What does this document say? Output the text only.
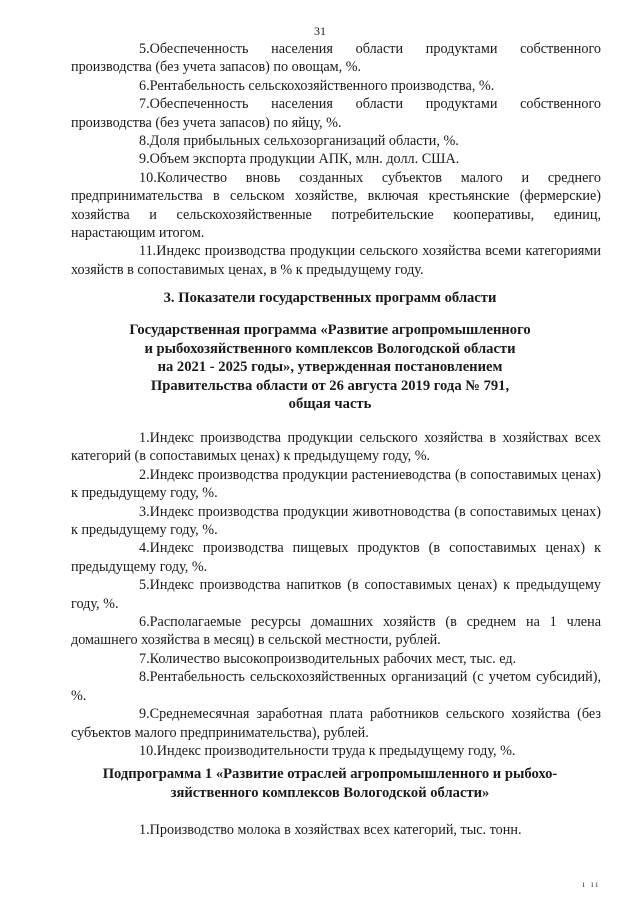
31

5.Обеспеченность населения области продуктами собственного производства (без учета запасов) по овощам, %.

6.Рентабельность сельскохозяйственного производства, %.

7.Обеспеченность населения области продуктами собственного производства (без учета запасов) по яйцу, %.

8.Доля прибыльных сельхозорганизаций области, %.

9.Объем экспорта продукции АПК, млн. долл. США.

10.Количество вновь созданных субъектов малого и среднего предпринимательства в сельском хозяйстве, включая крестьянские (фермерские) хозяйства и сельскохозяйственные потребительские кооперативы, единиц, нарастающим итогом.

11.Индекс производства продукции сельского хозяйства всеми категориями хозяйств в сопоставимых ценах, в % к предыдущему году.

3. Показатели государственных программ области

Государственная программа «Развитие агропромышленного
и рыбохозяйственного комплексов Вологодской области
на 2021 - 2025 годы», утвержденная постановлением
Правительства области от 26 августа 2019 года № 791,
общая часть

1.Индекс производства продукции сельского хозяйства в хозяйствах всех категорий (в сопоставимых ценах) к предыдущему году, %.

2.Индекс производства продукции растениеводства (в сопоставимых ценах) к предыдущему году, %.

3.Индекс производства продукции животноводства (в сопоставимых ценах) к предыдущему году, %.

4.Индекс производства пищевых продуктов (в сопоставимых ценах) к предыдущему году, %.

5.Индекс производства напитков (в сопоставимых ценах) к предыдущему году, %.

6.Располагаемые ресурсы домашних хозяйств (в среднем на 1 члена домашнего хозяйства в месяц) в сельской местности, рублей.

7.Количество высокопроизводительных рабочих мест, тыс. ед.

8.Рентабельность сельскохозяйственных организаций (с учетом субсидий), %.

9.Среднемесячная заработная плата работников сельского хозяйства (без субъектов малого предпринимательства), рублей.

10.Индекс производительности труда к предыдущему году, %.

Подпрограмма 1 «Развитие отраслей агропромышленного и рыбохо-
зяйственного комплексов Вологодской области»

1.Производство молока в хозяйствах всех категорий, тыс. тонн.

ı ıı
